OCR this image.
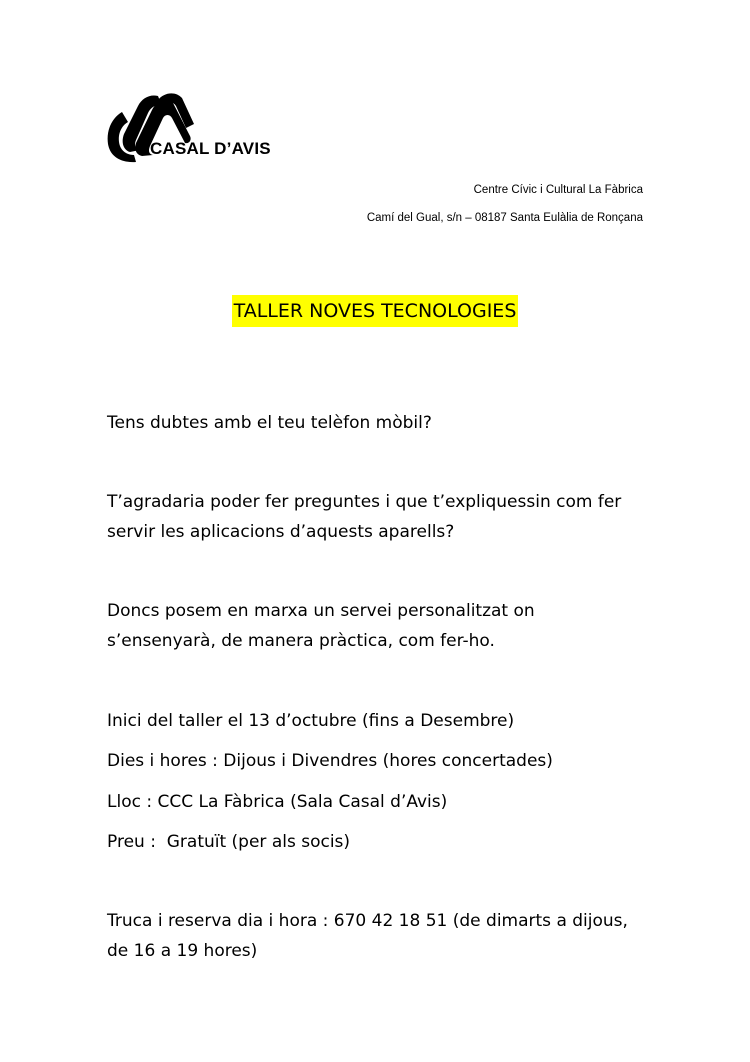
CASAL D’AVIS
Centre Cívic i Cultural La Fàbrica
Camí del Gual, s/n – 08187 Santa Eulàlia de Ronçana
TALLER NOVES TECNOLOGIES

Tens dubtes amb el teu telèfon mòbil?

T’agradaria poder fer preguntes i que t’expliquessin com fer servir les aplicacions d’aquests aparells?

Doncs posem en marxa un servei personalitzat on s’ensenyarà, de manera pràctica, com fer-ho.

Inici del taller el 13 d’octubre (fins a Desembre)

Dies i hores : Dijous i Divendres (hores concertades)

Lloc : CCC La Fàbrica (Sala Casal d’Avis)

Preu :  Gratuït (per als socis)

Truca i reserva dia i hora : 670 42 18 51 (de dimarts a dijous, de 16 a 19 hores)
